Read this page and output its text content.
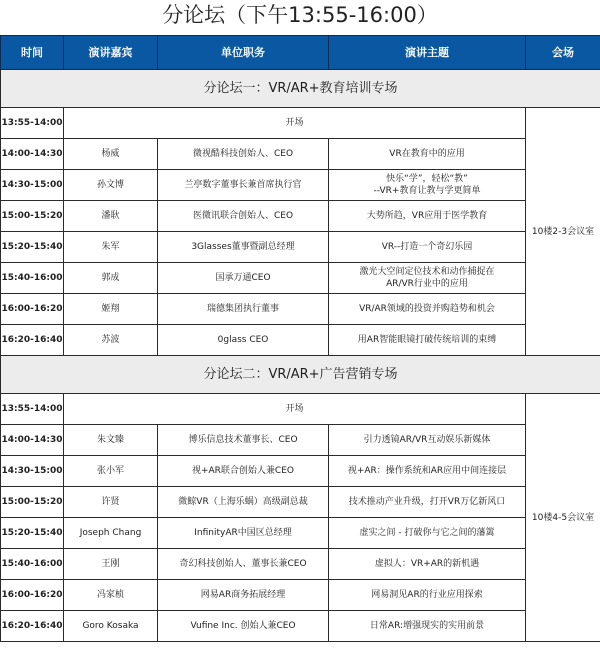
分论坛（下午13:55-16:00）
时间	演讲嘉宾	单位职务	演讲主题	会场
分论坛一：VR/AR+教育培训专场				
13:55-14:00	开场			10楼2-3会议室
14:00-14:30	杨威	微视酷科技创始人、CEO	VR在教育中的应用	

14:30-15:00	孙文博	兰亭数字董事长兼首席执行官	快乐“学”，轻松“教”
--VR+教育让教与学更简单	

15:00-15:20	潘耿	医微讯联合创始人、CEO	大势所趋，VR应用于医学教育	

15:20-15:40	朱军	3Glasses董事暨副总经理	VR--打造一个奇幻乐园	

15:40-16:00	郭成	国承万通CEO	激光大空间定位技术和动作捕捉在
AR/VR行业中的应用	

16:00-16:20	姬翔	瑞德集团执行董事	VR/AR领域的投资并购趋势和机会	

16:20-16:40	苏波	0glass CEO	用AR智能眼镜打破传统培训的束缚	

分论坛二：VR/AR+广告营销专场				
13:55-14:00	开场			10楼4-5会议室
14:00-14:30	朱文臻	博乐信息技术董事长、CEO	引力透镜AR/VR互动娱乐新媒体	

14:30-15:00	张小军	视+AR联合创始人兼CEO	视+AR：操作系统和AR应用中间连接层	

15:00-15:20	许贤	微鲸VR（上海乐蜗）高级副总裁	技术推动产业升级，打开VR万亿新风口	

15:20-15:40	Joseph Chang	InfinityAR中国区总经理	虚实之间 - 打破你与它之间的藩篱	

15:40-16:00	王刚	奇幻科技创始人、董事长兼CEO	虚拟人：VR+AR的新机遇	

16:00-16:20	冯家桢	网易AR商务拓展经理	网易洞见AR的行业应用探索	

16:20-16:40	Goro Kosaka	Vufine Inc. 创始人兼CEO	日常AR:增强现实的实用前景	
